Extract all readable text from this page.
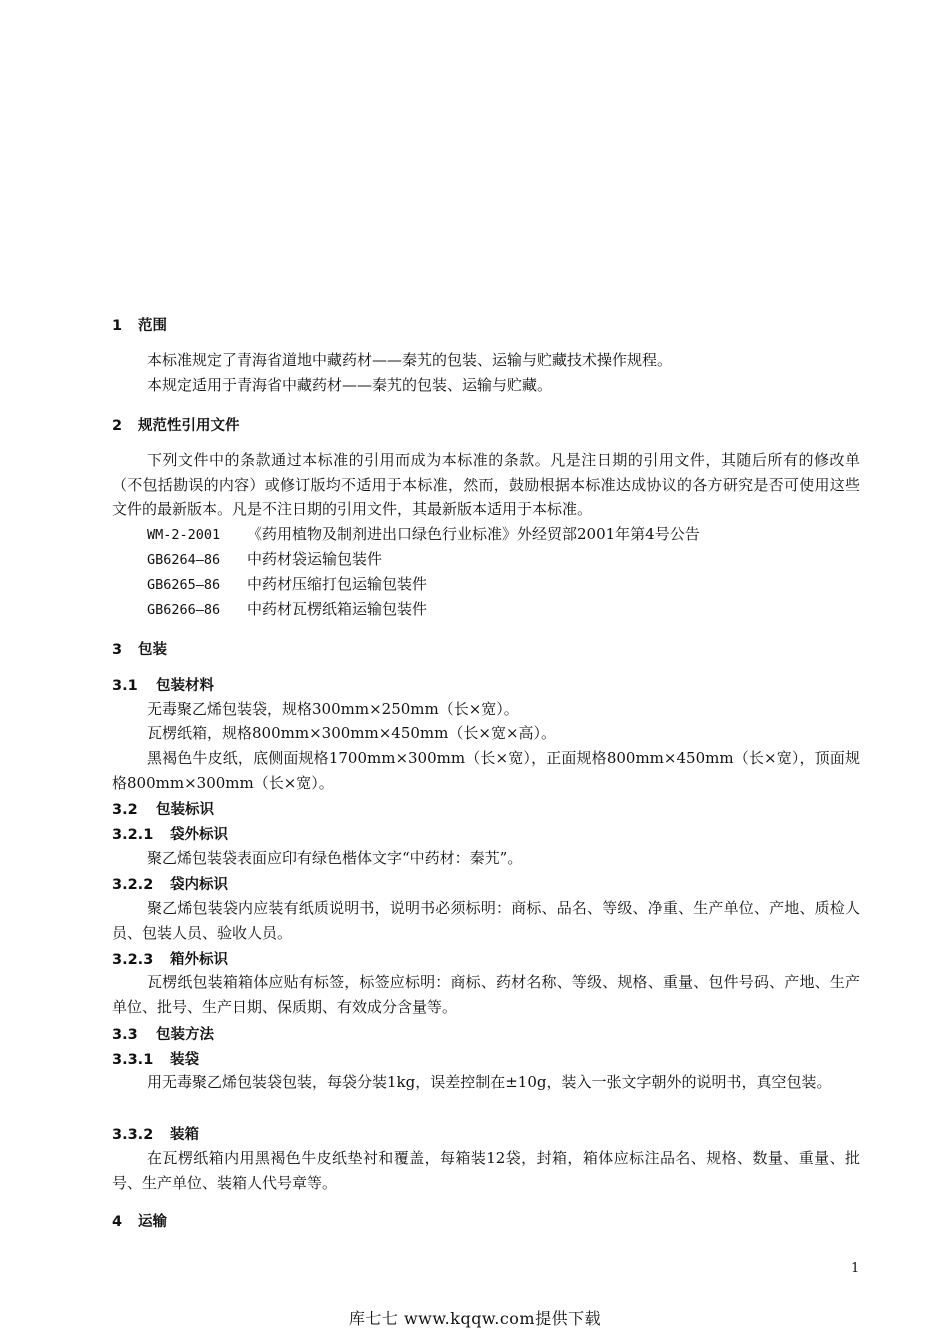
1 范围

本标准规定了青海省道地中藏药材——秦艽的包装、运输与贮藏技术操作规程。

本规定适用于青海省中藏药材——秦艽的包装、运输与贮藏。

2 规范性引用文件

下列文件中的条款通过本标准的引用而成为本标准的条款。凡是注日期的引用文件，其随后所有的修改单（不包括勘误的内容）或修订版均不适用于本标准，然而，鼓励根据本标准达成协议的各方研究是否可使用这些文件的最新版本。凡是不注日期的引用文件，其最新版本适用于本标准。

WM-2-2001 《药用植物及制剂进出口绿色行业标准》外经贸部2001年第4号公告

GB6264—86 中药材袋运输包装件

GB6265—86 中药材压缩打包运输包装件

GB6266—86 中药材瓦楞纸箱运输包装件

3 包装
3.1 包装材料

无毒聚乙烯包装袋，规格300mm×250mm（长×宽）。

瓦楞纸箱，规格800mm×300mm×450mm（长×宽×高）。

黑褐色牛皮纸，底侧面规格1700mm×300mm（长×宽），正面规格800mm×450mm（长×宽），顶面规格800mm×300mm（长×宽）。

3.2 包装标识
3.2.1 袋外标识

聚乙烯包装袋表面应印有绿色楷体文字“中药材：秦艽”。

3.2.2 袋内标识

聚乙烯包装袋内应装有纸质说明书，说明书必须标明：商标、品名、等级、净重、生产单位、产地、质检人员、包装人员、验收人员。

3.2.3 箱外标识

瓦楞纸包装箱箱体应贴有标签，标签应标明：商标、药材名称、等级、规格、重量、包件号码、产地、生产单位、批号、生产日期、保质期、有效成分含量等。

3.3 包装方法
3.3.1 装袋

用无毒聚乙烯包装袋包装，每袋分装1kg，误差控制在±10g，装入一张文字朝外的说明书，真空包装。

3.3.2 装箱

在瓦楞纸箱内用黑褐色牛皮纸垫衬和覆盖，每箱装12袋，封箱，箱体应标注品名、规格、数量、重量、批号、生产单位、装箱人代号章等。

4 运输
1
库七七 www.kqqw.com提供下载
